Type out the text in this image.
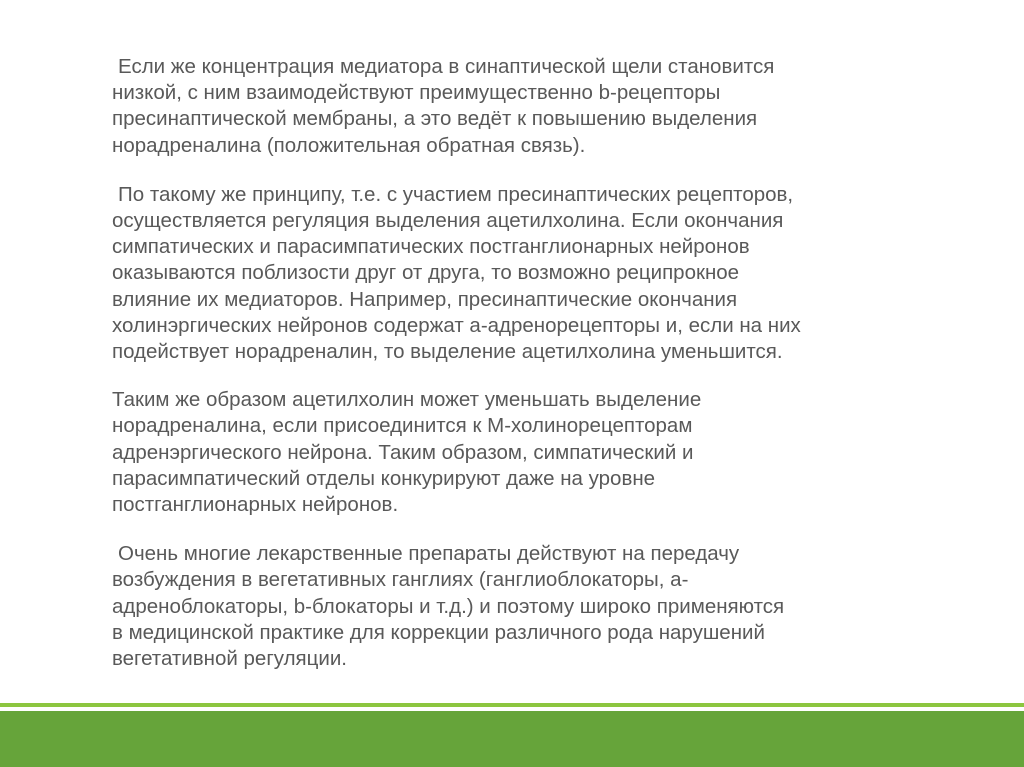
Если же концентрация медиатора в синаптической щели становится
низкой, с ним взаимодействуют преимущественно b-рецепторы
пресинаптической мембраны, а это ведёт к повышению выделения
норадреналина (положительная обратная связь).

По такому же принципу, т.е. с участием пресинаптических рецепторов,
осуществляется регуляция выделения ацетилхолина. Если окончания
симпатических и парасимпатических постганглионарных нейронов
оказываются поблизости друг от друга, то возможно реципрокное
влияние их медиаторов. Например, пресинаптические окончания
холинэргических нейронов содержат а-адренорецепторы и, если на них
подействует норадреналин, то выделение ацетилхолина уменьшится.

Таким же образом ацетилхолин может уменьшать выделение
норадреналина, если присоединится к М-холинорецепторам
адренэргического нейрона. Таким образом, симпатический и
парасимпатический отделы конкурируют даже на уровне
постганглионарных нейронов.

Очень многие лекарственные препараты действуют на передачу
возбуждения в вегетативных ганглиях (ганглиоблокаторы, а-
адреноблокаторы, b-блокаторы и т.д.) и поэтому широко применяются
в медицинской практике для коррекции различного рода нарушений
вегетативной регуляции.
